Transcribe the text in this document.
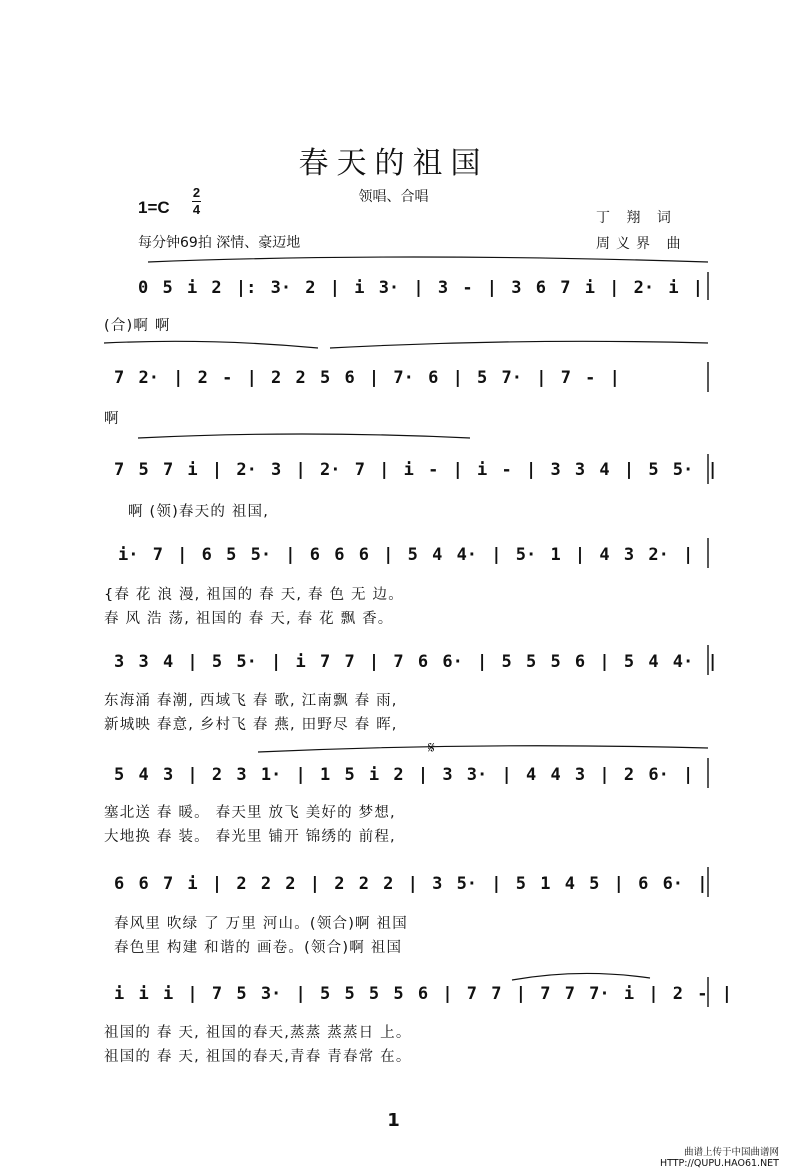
春天的祖国
领唱、合唱
1=C
2
4
每分钟69拍 深情、豪迈地
丁 翔 词
周义界 曲
0 5 i 2 |: 3· 2 | i 3· | 3 - | 3 6 7 i | 2· i |
(合)啊 啊
7 2· | 2 - | 2 2 5 6 | 7· 6 | 5 7· | 7 - |
啊
7 5 7 i | 2· 3 | 2· 7 | i - | i - | 3 3 4 | 5 5· |
啊 (领)春天的 祖国,
i· 7 | 6 5 5· | 6 6 6 | 5 4 4· | 5· 1 | 4 3 2· |
{春 花 浪 漫, 祖国的 春 天, 春 色 无 边。
春 风 浩 荡, 祖国的 春 天, 春 花 飘 香。
3 3 4 | 5 5· | i 7 7 | 7 6 6· | 5 5 5 6 | 5 4 4· |
东海涌 春潮, 西域飞 春 歌, 江南飘 春 雨,
新城映 春意, 乡村飞 春 燕, 田野尽 春 晖,
𝄋
5 4 3 | 2 3 1· | 1 5 i 2 | 3 3· | 4 4 3 | 2 6· |
塞北送 春 暖。 春天里 放飞 美好的 梦想,
大地换 春 装。 春光里 铺开 锦绣的 前程,
6 6 7 i | 2 2 2 | 2 2 2 | 3 5· | 5 1 4 5 | 6 6· |
春风里 吹绿 了 万里 河山。(领合)啊 祖国
春色里 构建 和谐的 画卷。(领合)啊 祖国
i i i | 7 5 3· | 5 5 5 5 6 | 7 7 | 7 7 7· i | 2 - |
祖国的 春 天, 祖国的春天,蒸蒸 蒸蒸日 上。
祖国的 春 天, 祖国的春天,青春 青春常 在。
1
曲谱上传于中国曲谱网
HTTP://QUPU.HAO61.NET
